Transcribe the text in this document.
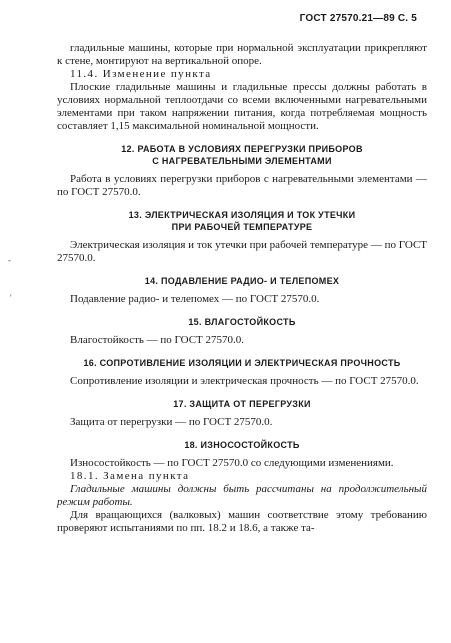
ГОСТ 27570.21—89 С. 5
-
'

гладильные машины, которые при нормальной эксплуатации прикрепляют к стене, монтируют на вертикальной опоре.

11.4. Изменение пункта

Плоские гладильные машины и гладильные прессы должны работать в условиях нормальной теплоотдачи со всеми включенными нагревательными элементами при таком напряжении питания, когда потребляемая мощность составляет 1,15 максимальной номинальной мощности.

12. РАБОТА В УСЛОВИЯХ ПЕРЕГРУЗКИ ПРИБОРОВ
С НАГРЕВАТЕЛЬНЫМИ ЭЛЕМЕНТАМИ

Работа в условиях перегрузки приборов с нагревательными элементами — по ГОСТ 27570.0.

13. ЭЛЕКТРИЧЕСКАЯ ИЗОЛЯЦИЯ И ТОК УТЕЧКИ
ПРИ РАБОЧЕЙ ТЕМПЕРАТУРЕ

Электрическая изоляция и ток утечки при рабочей температуре — по ГОСТ 27570.0.

14. ПОДАВЛЕНИЕ РАДИО- И ТЕЛЕПОМЕХ

Подавление радио- и телепомех — по ГОСТ 27570.0.

15. ВЛАГОСТОЙКОСТЬ

Влагостойкость — по ГОСТ 27570.0.

16. СОПРОТИВЛЕНИЕ ИЗОЛЯЦИИ И ЭЛЕКТРИЧЕСКАЯ ПРОЧНОСТЬ

Сопротивление изоляции и электрическая прочность — по ГОСТ 27570.0.

17. ЗАЩИТА ОТ ПЕРЕГРУЗКИ

Защита от перегрузки — по ГОСТ 27570.0.

18. ИЗНОСОСТОЙКОСТЬ

Износостойкость — по ГОСТ 27570.0 со следующими изменениями.

18.1. Замена пункта

Гладильные машины должны быть рассчитаны на продолжительный режим работы.

Для вращающихся (валковых) машин соответствие этому требованию проверяют испытаниями по пп. 18.2 и 18.6, а также та-
